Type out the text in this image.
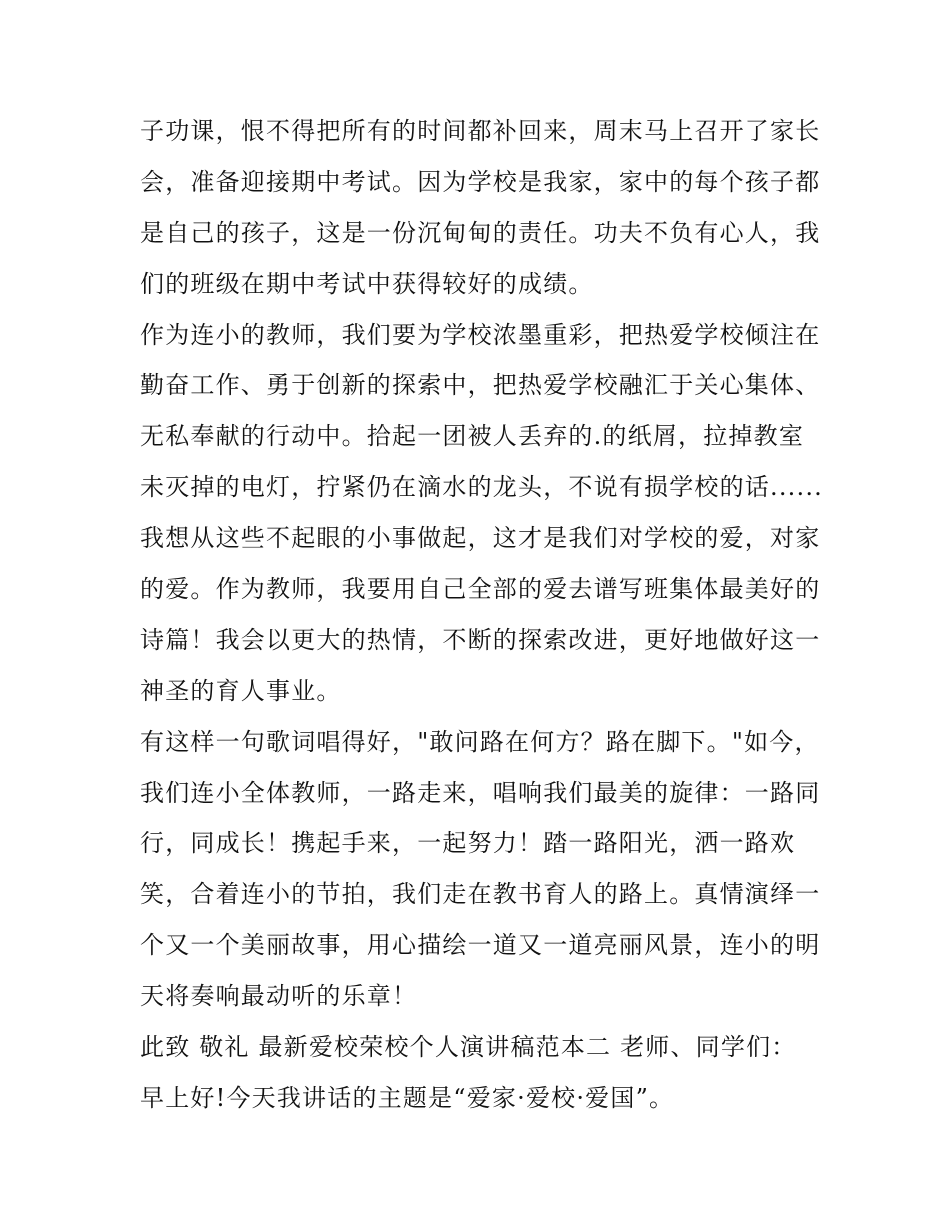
子功课，恨不得把所有的时间都补回来，周末马上召开了家长
会，准备迎接期中考试。因为学校是我家，家中的每个孩子都
是自己的孩子，这是一份沉甸甸的责任。功夫不负有心人，我
们的班级在期中考试中获得较好的成绩。
作为连小的教师，我们要为学校浓墨重彩，把热爱学校倾注在
勤奋工作、勇于创新的探索中，把热爱学校融汇于关心集体、
无私奉献的行动中。拾起一团被人丢弃的.的纸屑，拉掉教室
未灭掉的电灯，拧紧仍在滴水的龙头，不说有损学校的话......
我想从这些不起眼的小事做起，这才是我们对学校的爱，对家
的爱。作为教师，我要用自己全部的爱去谱写班集体最美好的
诗篇！我会以更大的热情，不断的探索改进，更好地做好这一
神圣的育人事业。
有这样一句歌词唱得好，"敢问路在何方？路在脚下。"如今，
我们连小全体教师，一路走来，唱响我们最美的旋律：一路同
行，同成长！携起手来，一起努力！踏一路阳光，洒一路欢
笑，合着连小的节拍，我们走在教书育人的路上。真情演绎一
个又一个美丽故事，用心描绘一道又一道亮丽风景，连小的明
天将奏响最动听的乐章！
此致 敬礼 最新爱校荣校个人演讲稿范本二 老师、同学们：
早上好!今天我讲话的主题是“爱家·爱校·爱国”。
